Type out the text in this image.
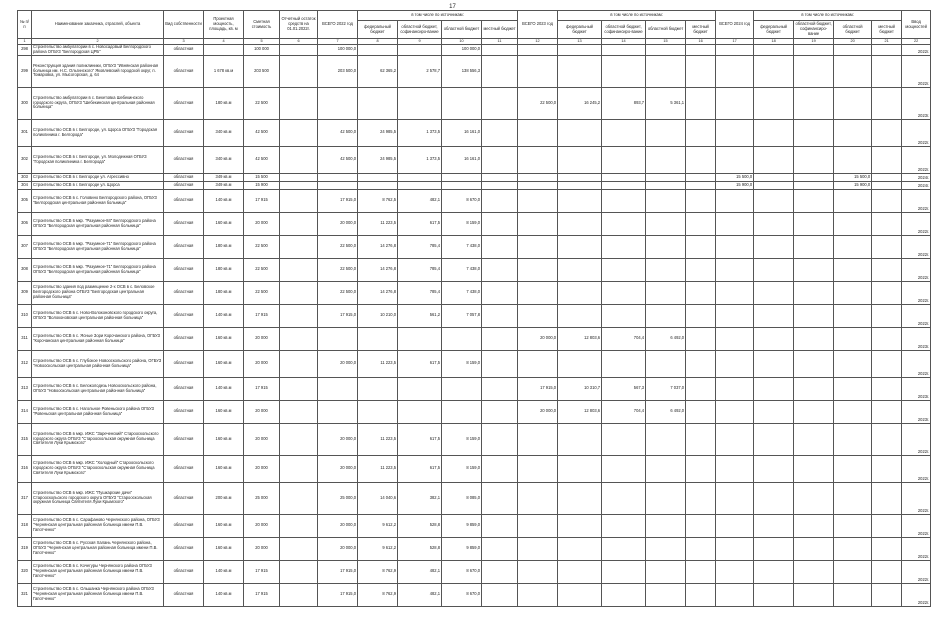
17
№ п/п	Наименование заказчика, отраслей, объекта	Вид собственности	Проектная мощность, площадь, кв. м	Сметная стоимость	Отчетный остаток средств на 01.01.2022г.	ВСЕГО 2022 год	в том числе по источникам:				ВСЕГО 2023 год	в том числе по источникам:				ВСЕГО 2024 год	в том числе по источникам:				Ввод мощностей
							федеральный бюджет	областной бюджет, софинансиро-вание	областной бюджет	местный бюджет		федеральный бюджет	областной бюджет, софинансиро-вание	областной бюджет	местный бюджет		федеральный бюджет	областной бюджет, софинансиро-вание	областной бюджет	местный бюджет	
1	2	3	4	5	6	7	8	9	10	11	12	13	14	15	16	17	18	19	20	21	22
298	Строительство амбулатории в с. Новосадовый Белгородского района ОГБУЗ "Белгородская ЦРБ"	областная		100 000		100 000,0			100 000,0												2022г.
299	Реконструкция здания поликлиники, ОГБУЗ "Ивнянская районная больница им. Н.С. Ольгинского" Яковлевский городской округ, п. Томаровка, ул. Мысогорская, д. 64	областная	1 678 кв.м	203 500		203 500,0	62 365,2	2 578,7	138 556,3												2022г.
300	Строительство амбулатории в с. Бекетовка Шебекинского городского округа, ОГБУЗ "Шебекинская центральная районная больница"	областная	180 кв.м	22 500							22 500,0	16 245,2	893,7	5 361,1							2023г.
301	Строительство ОСВ в г. Белгороде, ул. Щорса ОГБУЗ "Городская поликлиника г. Белгорода"	областная	340 кв.м	42 500		42 500,0	24 985,5	1 373,5	16 161,0												2022г.
302	Строительство ОСВ в г. Белгороде, ул. Молодежная ОГБУЗ "Городская поликлиника г. Белгорода"	областная	340 кв.м	42 500		42 500,0	24 985,5	1 373,5	16 161,0												2022г.
303	Строительство ОСВ в г. Белгороде ул. Агрессивно	областная	349 кв.м	15 500												15 500,0			15 500,0		2024г.
304	Строительство ОСВ в г. Белгороде ул. Щорса	областная	349 кв.м	15 900												15 900,0			15 900,0		2024г.
305	Строительство ОСВ в с. Головино Белгородского района, ОГБУЗ "Белгородская центральная районная больница"	областная	140 кв.м	17 915		17 915,0	8 762,5	482,1	8 670,0												2022г.
306	Строительство ОСВ в мкр. "Разумное-84" Белгородского района ОГБУЗ "Белгородская центральная районная больница"	областная	160 кв.м	20 000		20 000,0	11 223,5	617,5	8 159,0												2022г.
307	Строительство ОСВ в мкр. "Разумное-71" Белгородского района ОГБУЗ "Белгородская центральная районная больница"	областная	180 кв.м	22 500		22 500,0	14 276,8	785,4	7 438,0												2022г.
308	Строительство ОСВ в мкр. "Разумное-71" Белгородского района ОГБУЗ "Белгородская центральная районная больница"	областная	180 кв.м	22 500		22 500,0	14 276,8	785,4	7 438,0												2022г.
309	Строительство здания под размещение 2-х ОСВ в с. Беловское Белгородского района ОГБУЗ "Белгородская центральная районная больница"	областная	180 кв.м	22 500		22 500,0	14 276,8	785,4	7 438,0												2022г.
310	Строительство ОСВ в с. Ново-Волоконовского городского округа, ОГБУЗ "Волоконовская центральная районная больница"	областная	140 кв.м	17 915		17 915,0	10 210,0	561,2	7 057,8												2022г.
311	Строительство ОСВ в с. Ясные Зори Корочанского района, ОГБУЗ "Корочанская центральная районная больница"	областная	160 кв.м	20 000							20 000,0	12 803,6	704,4	6 492,0							2023г.
312	Строительство ОСВ в с. Глубокое Новооскольского района, ОГБУЗ "Новооскольская центральная районная больница"	областная	160 кв.м	20 000		20 000,0	11 223,5	617,5	8 159,0												2022г.
313	Строительство ОСВ в с. Белоколодезь Новооскольского района, ОГБУЗ "Новооскольская центральная районная больница"	областная	140 кв.м	17 915							17 915,0	10 310,7	567,3	7 037,0							2023г.
314	Строительство ОСВ в с. Нагольное Ровеньского района ОГБУЗ "Ровеньская центральная районная больница"	областная	160 кв.м	20 000							20 000,0	12 803,6	704,4	6 492,0							2023г.
315	Строительство ОСВ в мкр. ИЖС "Зареченский" Старооскольского городского округа ОГБУЗ "Старооскольская окружная больница Святителя Луки Крымского"	областная	160 кв.м	20 000		20 000,0	11 223,5	617,5	8 159,0												2022г.
316	Строительство ОСВ в мкр. ИЖС "Холодный" Старооскольского городского округа ОГБУЗ "Старооскольская окружная больница Святителя Луки Крымского"	областная	160 кв.м	20 000		20 000,0	11 223,5	617,5	8 159,0												2022г.
317	Строительство ОСВ в мкр. ИЖС "Пушкарские дачи" Старооскольского городского округа ОГБУЗ "Старооскольская окружная больница Святителя Луки Крымского"	областная	200 кв.м	25 000		25 000,0	14 040,6	382,1	8 085,0												2022г.
318	Строительство ОСВ в с. Сарафаново Чернянского района, ОГБУЗ "Чернянская центральная районная больница имени П.В. Гапотченко"	областная	160 кв.м	20 000		20 000,0	9 612,2	528,8	9 859,0												2022г.
319	Строительство ОСВ в с. Русская Халань Чернянского района, ОГБУЗ "Чернянская центральная районная больница имени П.В. Гапотченко"	областная	160 кв.м	20 000		20 000,0	9 612,2	528,8	9 859,0												2022г.
320	Строительство ОСВ в с. Кочегуры Чернянского района ОГБУЗ "Чернянская центральная районная больница имени П.В. Гапотченко"	областная	140 кв.м	17 915		17 915,0	8 762,9	482,1	8 670,0												2022г.
321	Строительство ОСВ в с. Ольшанка Чернянского района ОГБУЗ "Чернянская центральная районная больница имени П.В. Гапотченко"	областная	140 кв.м	17 915		17 915,0	8 762,9	482,1	8 670,0												2022г.
